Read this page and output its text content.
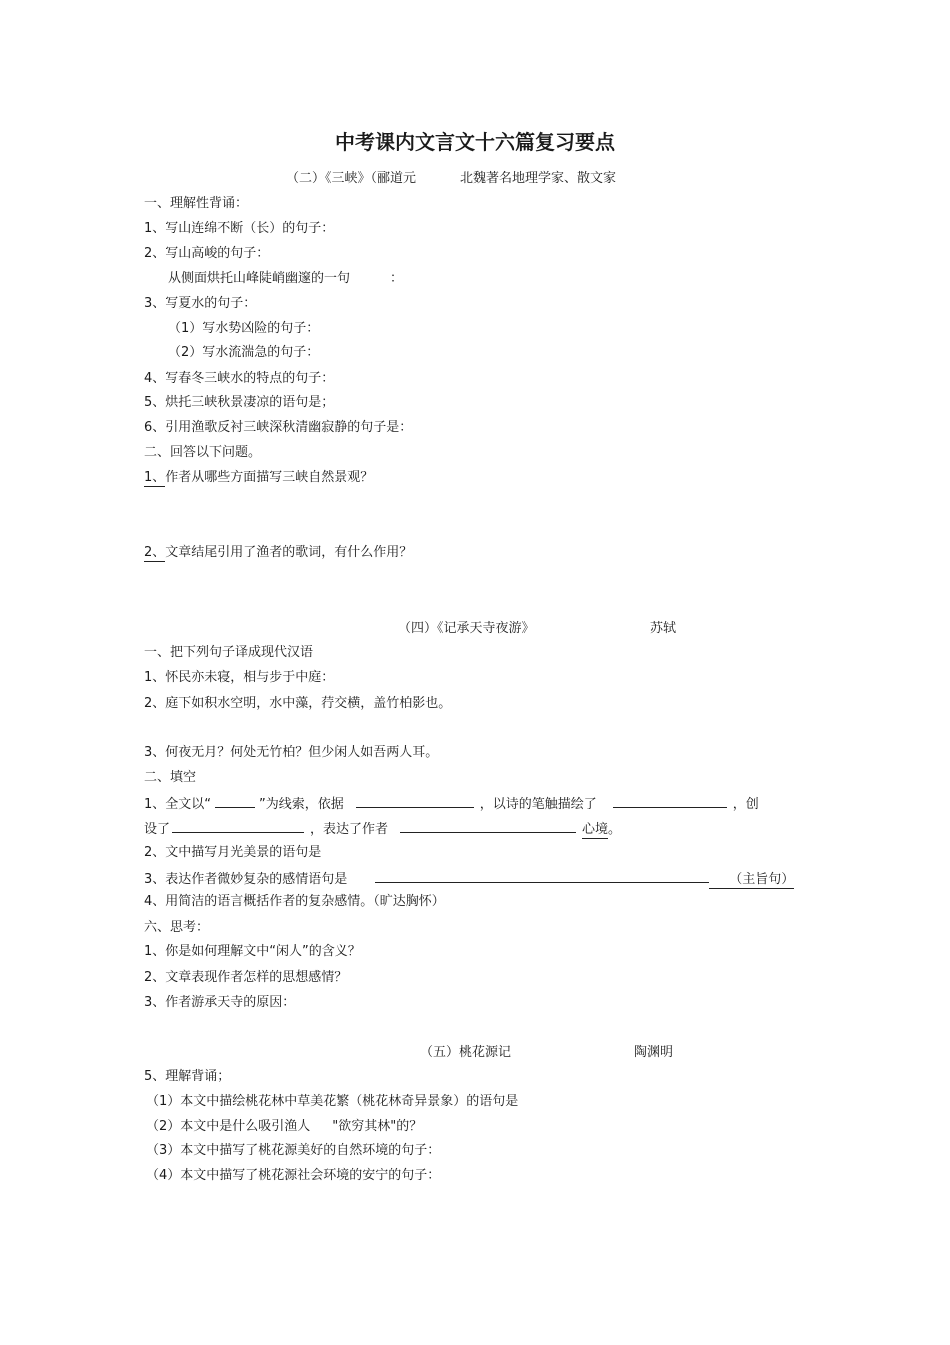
中考课内文言文十六篇复习要点
（二）《三峡》（郦道元	北魏著名地理学家、散文家

一、理解性背诵：

1、写山连绵不断（长）的句子：

2、写山高峻的句子：

从侧面烘托山峰陡峭幽邃的一句	：

3、写夏水的句子：

（1）写水势凶险的句子：

（2）写水流湍急的句子：

4、写春冬三峡水的特点的句子：

5、烘托三峡秋景凄凉的语句是；

6、引用渔歌反衬三峡深秋清幽寂静的句子是：

二、回答以下问题。

1、作者从哪些方面描写三峡自然景观？

2、文章结尾引用了渔者的歌词，有什么作用？

（四）《记承天寺夜游》	苏轼

一、把下列句子译成现代汉语

1、怀民亦未寝，相与步于中庭：

2、庭下如积水空明，水中藻，荇交横，盖竹柏影也。

3、何夜无月？何处无竹柏？但少闲人如吾两人耳。

二、填空

1、全文以“	”为线索，依据	，以诗的笔触描绘了	，创

设了	，表达了作者	心境。

2、文中描写月光美景的语句是

3、表达作者微妙复杂的感情语句是	（主旨句）

4、用简洁的语言概括作者的复杂感情。（旷达胸怀）

六、思考：

1、你是如何理解文中“闲人”的含义？

2、文章表现作者怎样的思想感情？

3、作者游承天寺的原因：

（五）桃花源记	陶渊明

5、理解背诵；

（1）本文中描绘桃花林中草美花繁（桃花林奇异景象）的语句是

（2）本文中是什么吸引渔人 "欲穷其林"的？

（3）本文中描写了桃花源美好的自然环境的句子：

（4）本文中描写了桃花源社会环境的安宁的句子：
